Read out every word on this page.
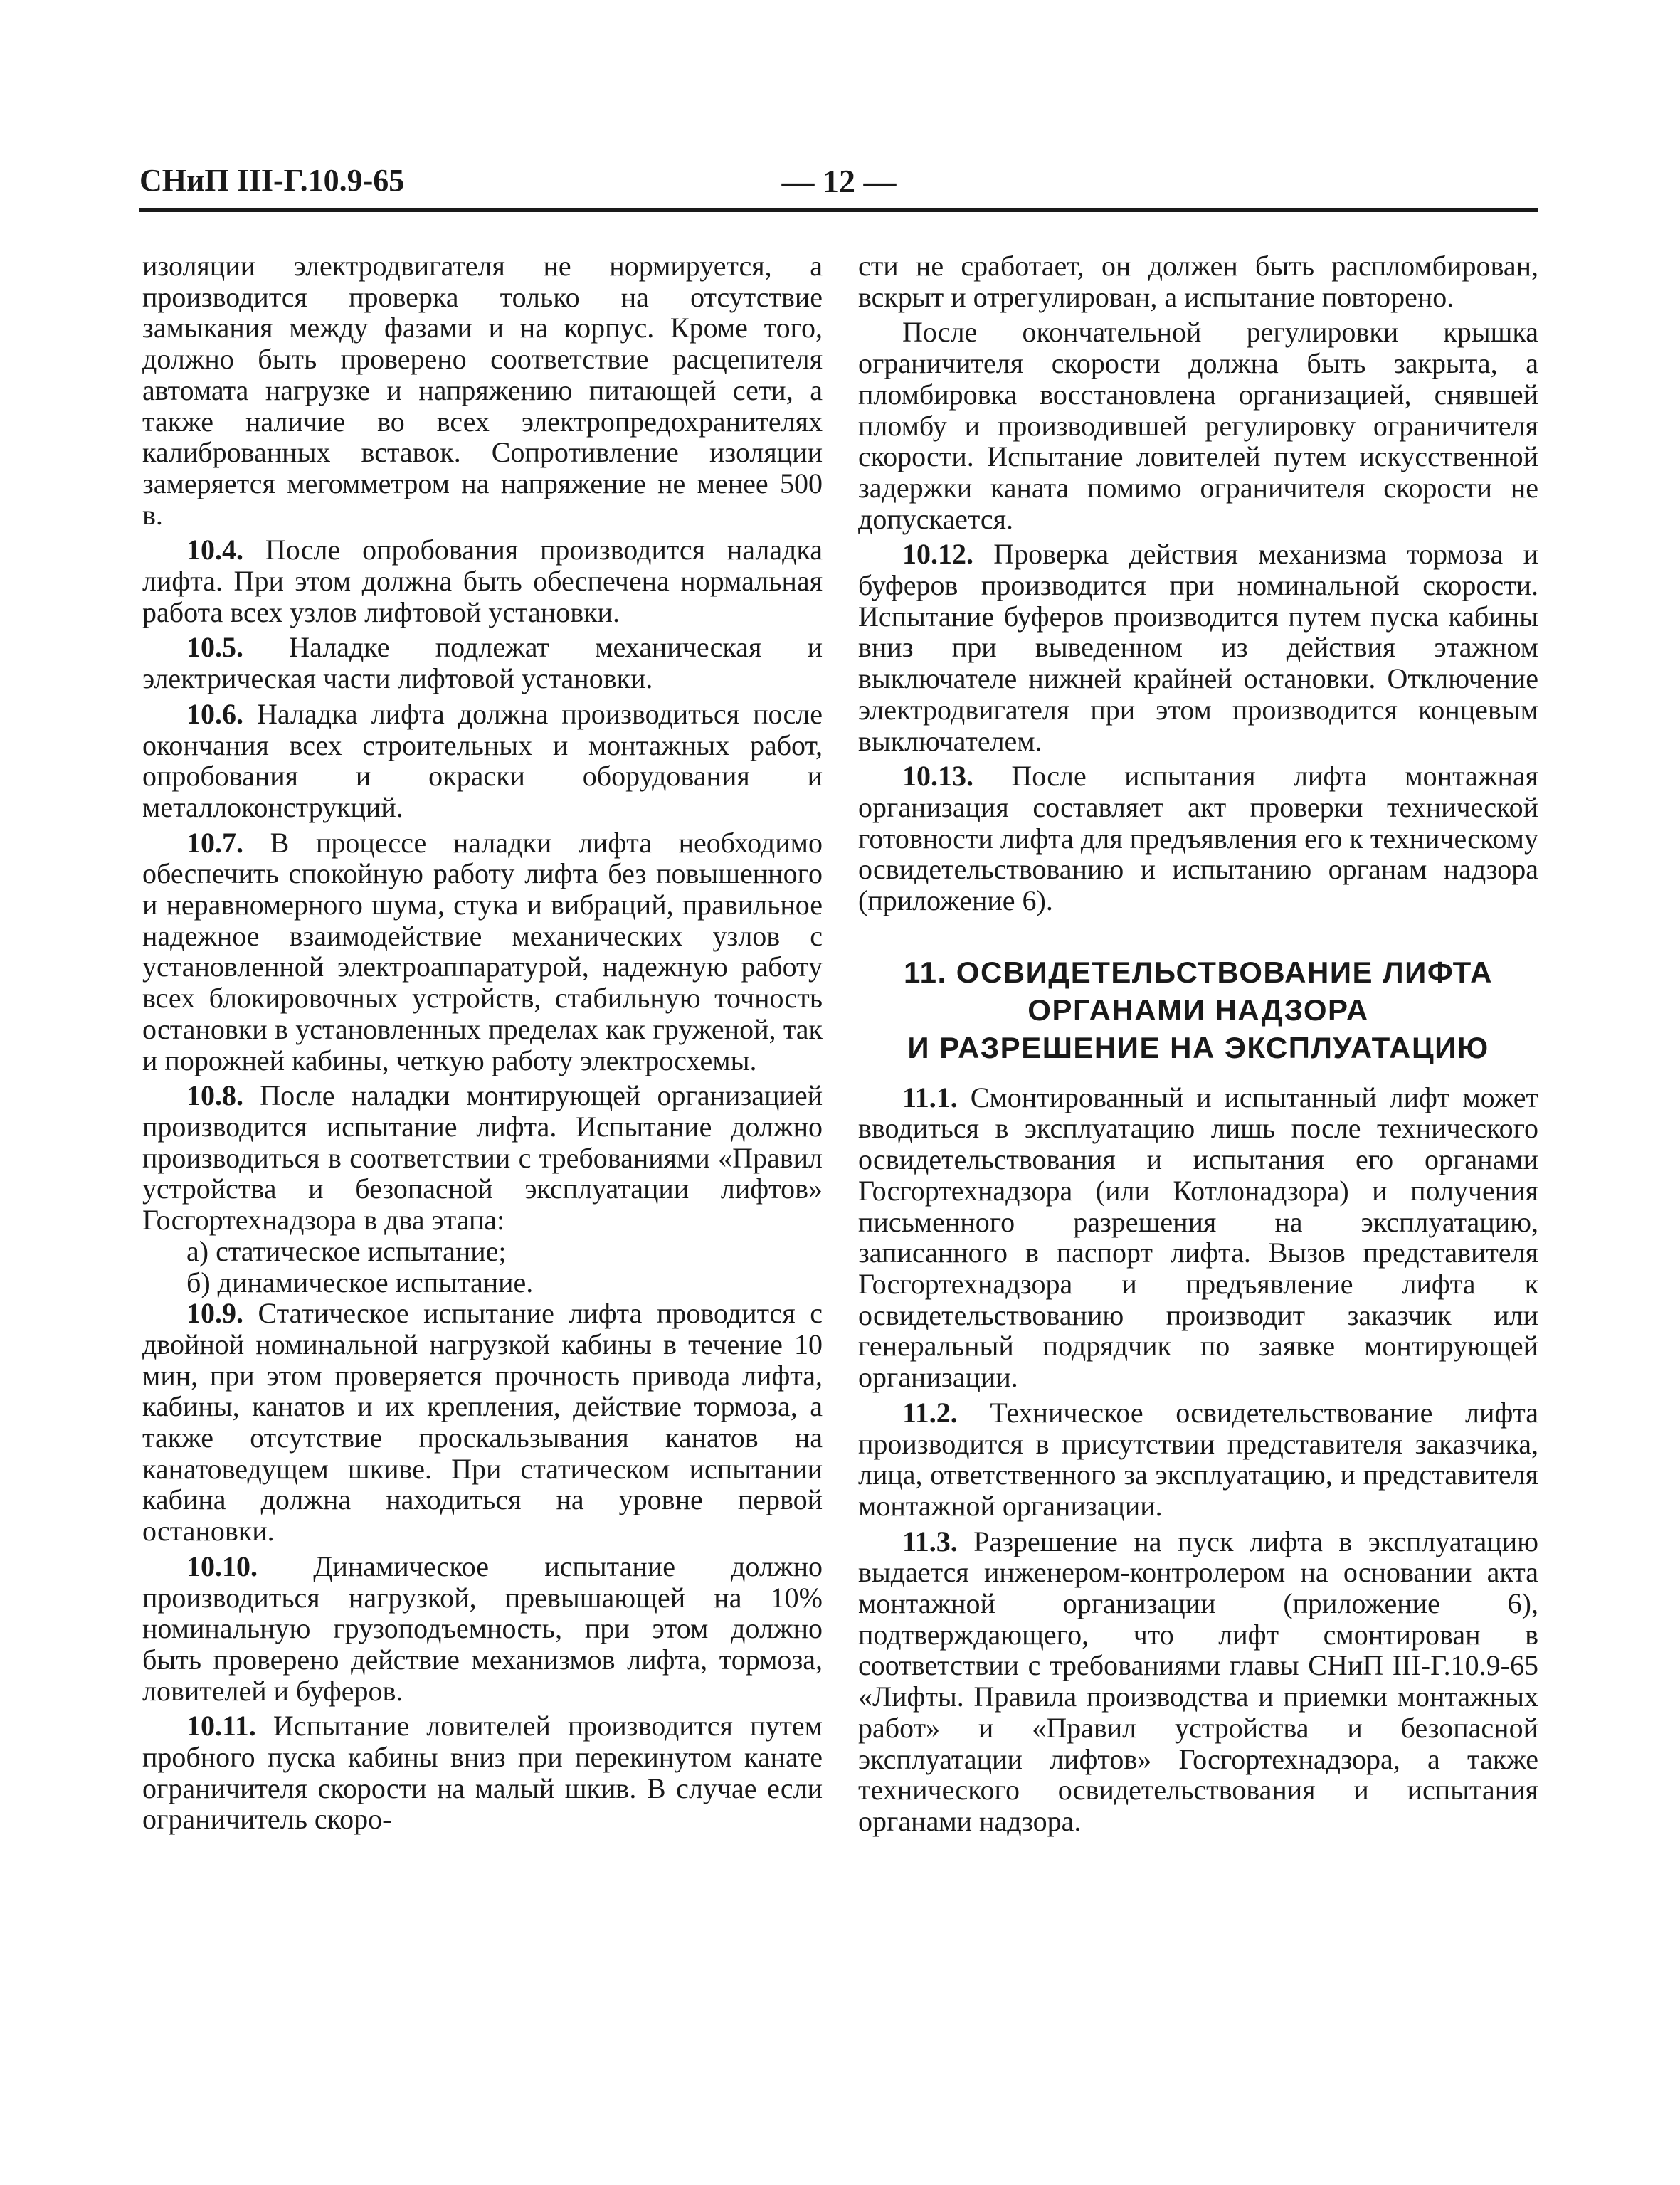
СНиП III-Г.10.9-65	— 12 —

изоляции электродвигателя не нормируется, а производится проверка только на отсутствие замыкания между фазами и на корпус. Кроме того, должно быть проверено соответствие расцепителя автомата нагрузке и напряжению питающей сети, а также наличие во всех электропредохранителях калиброванных вставок. Сопротивление изоляции замеряется мегомметром на напряжение не менее 500 в.

10.4. После опробования производится наладка лифта. При этом должна быть обеспечена нормальная работа всех узлов лифтовой установки.

10.5. Наладке подлежат механическая и электрическая части лифтовой установки.

10.6. Наладка лифта должна производиться после окончания всех строительных и монтажных работ, опробования и окраски оборудования и металлоконструкций.

10.7. В процессе наладки лифта необходимо обеспечить спокойную работу лифта без повышенного и неравномерного шума, стука и вибраций, правильное надежное взаимодействие механических узлов с установленной электроаппаратурой, надежную работу всех блокировочных устройств, стабильную точность остановки в установленных пределах как груженой, так и порожней кабины, четкую работу электросхемы.

10.8. После наладки монтирующей организацией производится испытание лифта. Испытание должно производиться в соответствии с требованиями «Правил устройства и безопасной эксплуатации лифтов» Госгортехнадзора в два этапа:

а) статическое испытание;

б) динамическое испытание.

10.9. Статическое испытание лифта проводится с двойной номинальной нагрузкой кабины в течение 10 мин, при этом проверяется прочность привода лифта, кабины, канатов и их крепления, действие тормоза, а также отсутствие проскальзывания канатов на канатоведущем шкиве. При статическом испытании кабина должна находиться на уровне первой остановки.

10.10. Динамическое испытание должно производиться нагрузкой, превышающей на 10% номинальную грузоподъемность, при этом должно быть проверено действие механизмов лифта, тормоза, ловителей и буферов.

10.11. Испытание ловителей производится путем пробного пуска кабины вниз при перекинутом канате ограничителя скорости на малый шкив. В случае если ограничитель скоро-

сти не сработает, он должен быть распломбирован, вскрыт и отрегулирован, а испытание повторено.

После окончательной регулировки крышка ограничителя скорости должна быть закрыта, а пломбировка восстановлена организацией, снявшей пломбу и производившей регулировку ограничителя скорости. Испытание ловителей путем искусственной задержки каната помимо ограничителя скорости не допускается.

10.12. Проверка действия механизма тормоза и буферов производится при номинальной скорости. Испытание буферов производится путем пуска кабины вниз при выведенном из действия этажном выключателе нижней крайней остановки. Отключение электродвигателя при этом производится концевым выключателем.

10.13. После испытания лифта монтажная организация составляет акт проверки технической готовности лифта для предъявления его к техническому освидетельствованию и испытанию органам надзора (приложение 6).

11. ОСВИДЕТЕЛЬСТВОВАНИЕ ЛИФТА
ОРГАНАМИ НАДЗОРА
И РАЗРЕШЕНИЕ НА ЭКСПЛУАТАЦИЮ

11.1. Смонтированный и испытанный лифт может вводиться в эксплуатацию лишь после технического освидетельствования и испытания его органами Госгортехнадзора (или Котлонадзора) и получения письменного разрешения на эксплуатацию, записанного в паспорт лифта. Вызов представителя Госгортехнадзора и предъявление лифта к освидетельствованию производит заказчик или генеральный подрядчик по заявке монтирующей организации.

11.2. Техническое освидетельствование лифта производится в присутствии представителя заказчика, лица, ответственного за эксплуатацию, и представителя монтажной организации.

11.3. Разрешение на пуск лифта в эксплуатацию выдается инженером-контролером на основании акта монтажной организации (приложение 6), подтверждающего, что лифт смонтирован в соответствии с требованиями главы СНиП III-Г.10.9-65 «Лифты. Правила производства и приемки монтажных работ» и «Правил устройства и безопасной эксплуатации лифтов» Госгортехнадзора, а также технического освидетельствования и испытания органами надзора.
